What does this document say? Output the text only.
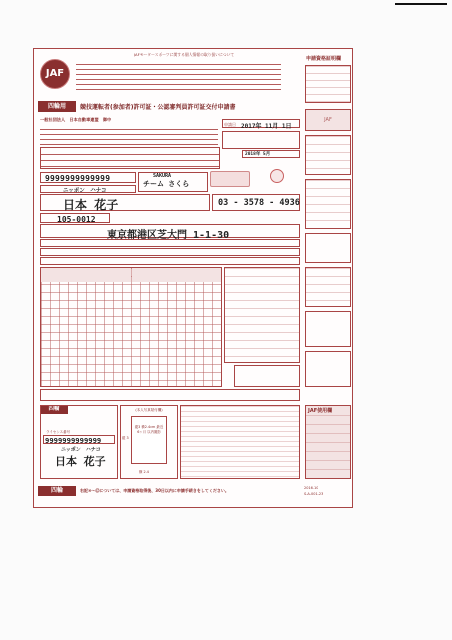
JAFモータースポーツに関する個人情報の取り扱いについて
JAF
四輪用	競技運転者(参加者)許可証・公認審判員許可証交付申請書
一般社団法人　日本自動車連盟　御中
申請日 2017年 11月 1日
2018年 5月
9999999999999	SAKURA
チーム さくら
ニッポン　ハナコ
日本 花子	03 - 3578 - 4936
105-0012
東京都港区芝大門 1-1-30
四輪
ライセンス番号
9999999999999
ニッポン　ハナコ
日本 花子
(本人写真貼付欄)
縦3 横2.4cm 最近6ヶ月 以内撮影
縦 3
横 2.4
四輪	右記⑩～⑫については、申請資格取得後、30日以内に申請手続きをしてください。	2016.10
S-A-001-23
申請資格証明欄
JAF
JAF使用欄
